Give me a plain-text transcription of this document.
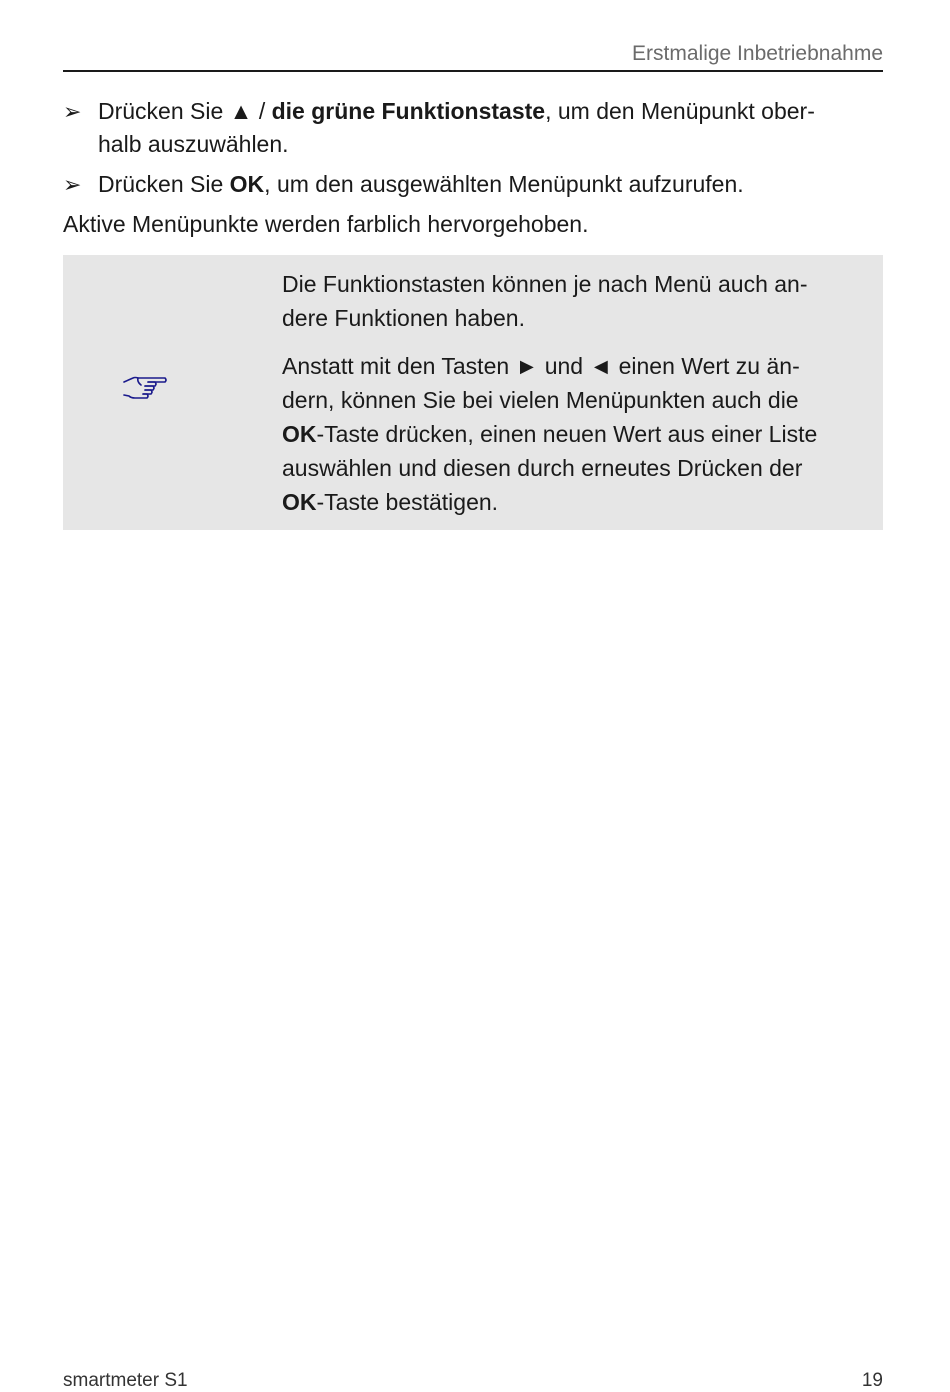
Erstmalige Inbetriebnahme
➢ Drücken Sie ▲ / die grüne Funktionstaste, um den Menüpunkt ober-
halb auszuwählen.
➢ Drücken Sie OK, um den ausgewählten Menüpunkt aufzurufen.
Aktive Menüpunkte werden farblich hervorgehoben.

Die Funktionstasten können je nach Menü auch an-
dere Funktionen haben.

Anstatt mit den Tasten ► und ◄ einen Wert zu än-
dern, können Sie bei vielen Menüpunkten auch die
OK-Taste drücken, einen neuen Wert aus einer Liste
auswählen und diesen durch erneutes Drücken der
OK-Taste bestätigen.

smartmeter S1	19
